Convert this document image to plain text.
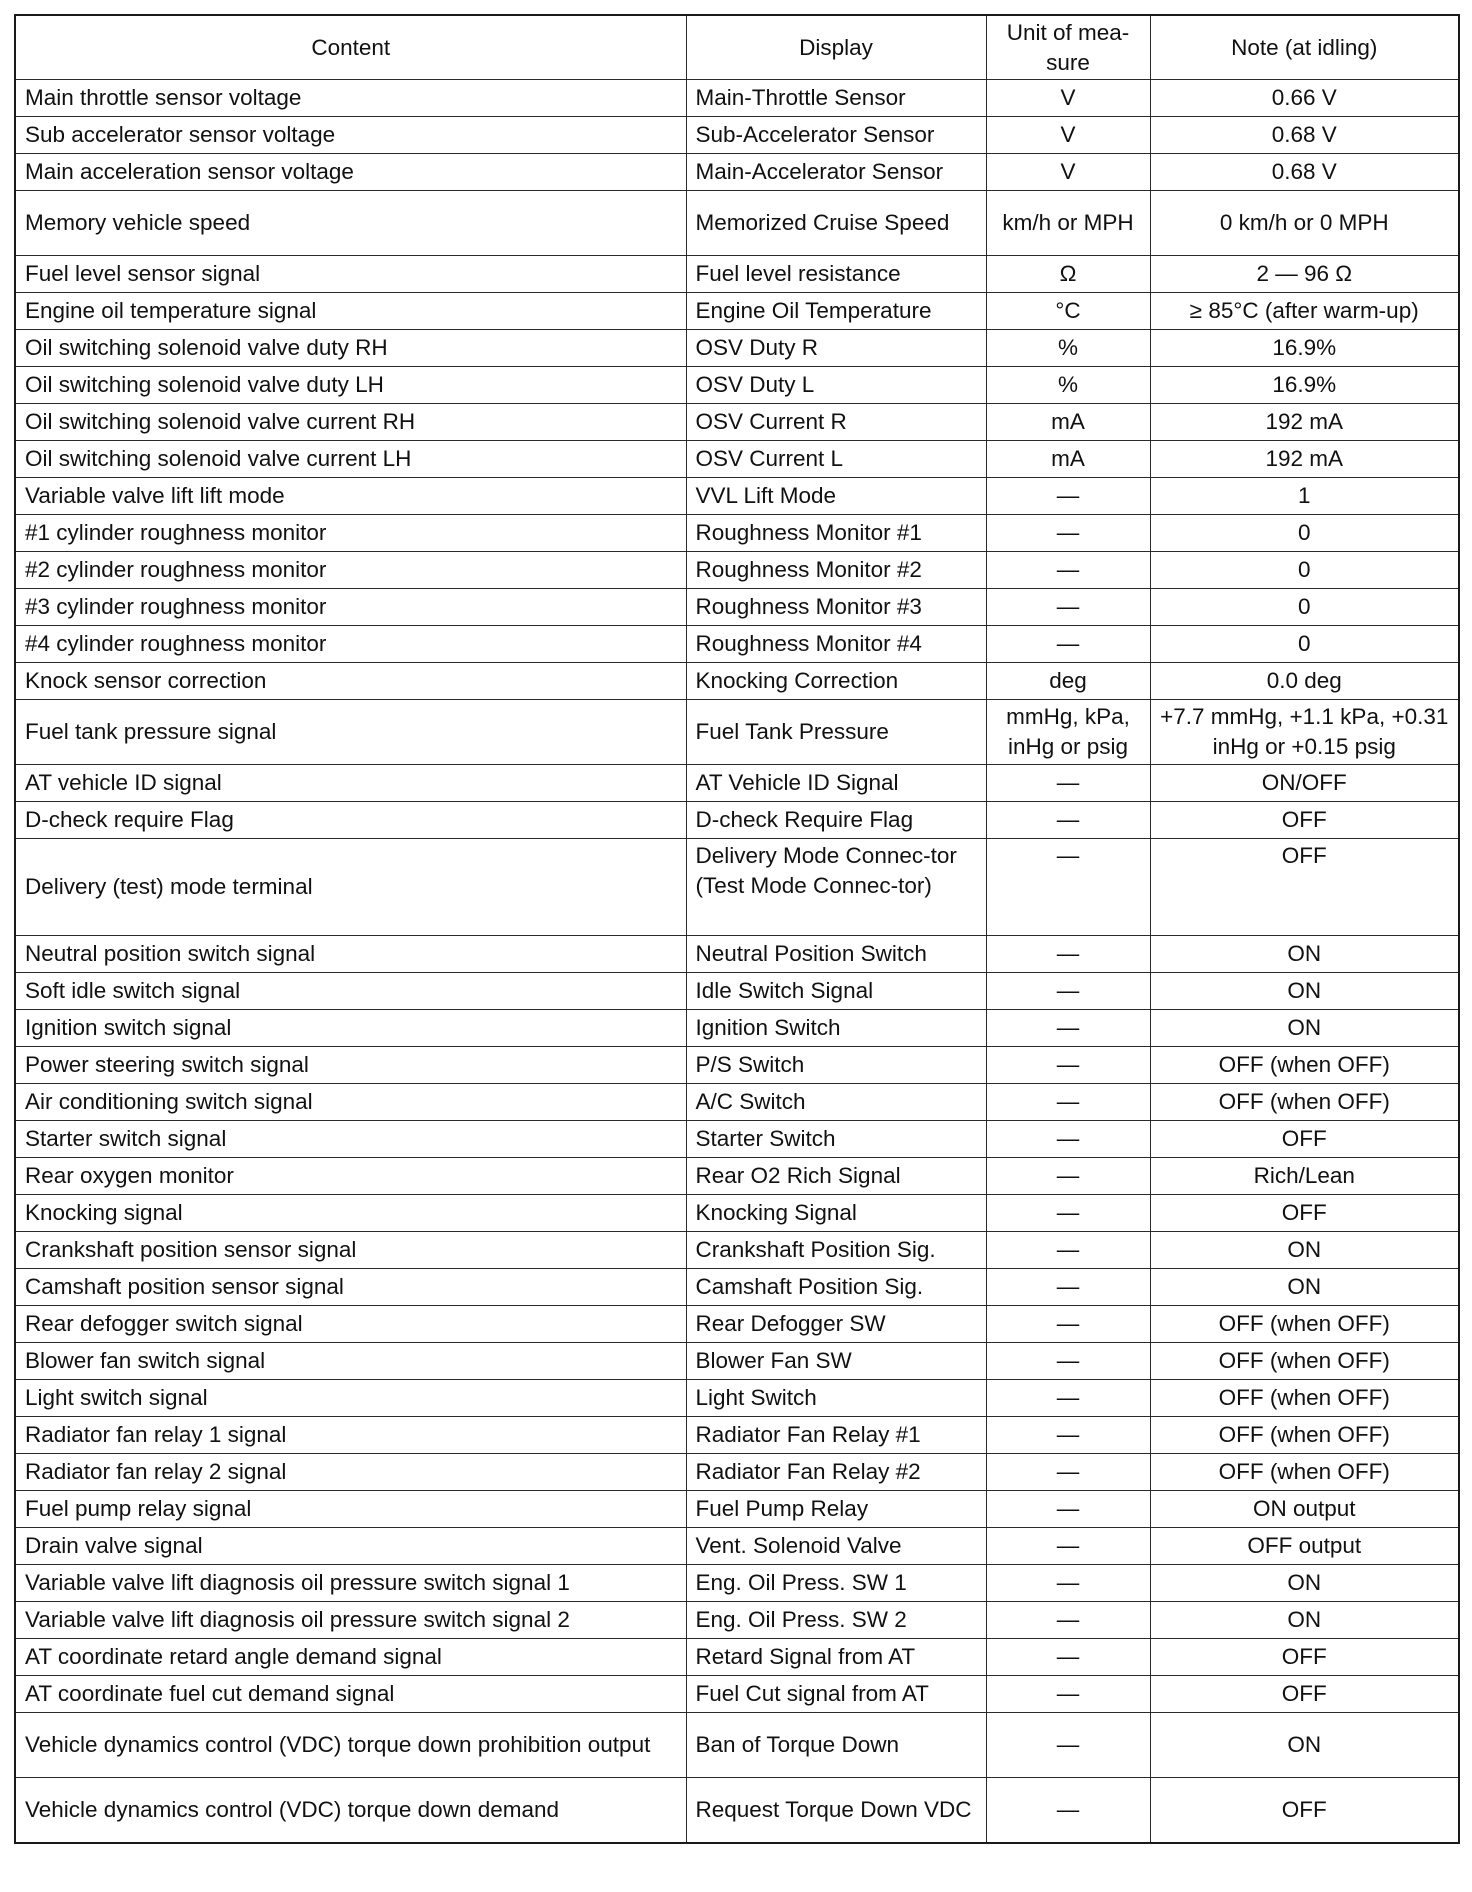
Content	Display	Unit of mea-sure	Note (at idling)
Main throttle sensor voltage	Main-Throttle Sensor	V	0.66 V
Sub accelerator sensor voltage	Sub-Accelerator Sensor	V	0.68 V
Main acceleration sensor voltage	Main-Accelerator Sensor	V	0.68 V
Memory vehicle speed	Memorized Cruise Speed	km/h or MPH	0 km/h or 0 MPH
Fuel level sensor signal	Fuel level resistance	Ω	2 — 96 Ω
Engine oil temperature signal	Engine Oil Temperature	°C	≥ 85°C (after warm-up)
Oil switching solenoid valve duty RH	OSV Duty R	%	16.9%
Oil switching solenoid valve duty LH	OSV Duty L	%	16.9%
Oil switching solenoid valve current RH	OSV Current R	mA	192 mA
Oil switching solenoid valve current LH	OSV Current L	mA	192 mA
Variable valve lift lift mode	VVL Lift Mode	—	1
#1 cylinder roughness monitor	Roughness Monitor #1	—	0
#2 cylinder roughness monitor	Roughness Monitor #2	—	0
#3 cylinder roughness monitor	Roughness Monitor #3	—	0
#4 cylinder roughness monitor	Roughness Monitor #4	—	0
Knock sensor correction	Knocking Correction	deg	0.0 deg
Fuel tank pressure signal	Fuel Tank Pressure	mmHg, kPa, inHg or psig	+7.7 mmHg, +1.1 kPa, +0.31 inHg or +0.15 psig
AT vehicle ID signal	AT Vehicle ID Signal	—	ON/OFF
D-check require Flag	D-check Require Flag	—	OFF
Delivery (test) mode terminal	Delivery Mode Connec-tor (Test Mode Connec-tor)	—	OFF
Neutral position switch signal	Neutral Position Switch	—	ON
Soft idle switch signal	Idle Switch Signal	—	ON
Ignition switch signal	Ignition Switch	—	ON
Power steering switch signal	P/S Switch	—	OFF (when OFF)
Air conditioning switch signal	A/C Switch	—	OFF (when OFF)
Starter switch signal	Starter Switch	—	OFF
Rear oxygen monitor	Rear O2 Rich Signal	—	Rich/Lean
Knocking signal	Knocking Signal	—	OFF
Crankshaft position sensor signal	Crankshaft Position Sig.	—	ON
Camshaft position sensor signal	Camshaft Position Sig.	—	ON
Rear defogger switch signal	Rear Defogger SW	—	OFF (when OFF)
Blower fan switch signal	Blower Fan SW	—	OFF (when OFF)
Light switch signal	Light Switch	—	OFF (when OFF)
Radiator fan relay 1 signal	Radiator Fan Relay #1	—	OFF (when OFF)
Radiator fan relay 2 signal	Radiator Fan Relay #2	—	OFF (when OFF)
Fuel pump relay signal	Fuel Pump Relay	—	ON output
Drain valve signal	Vent. Solenoid Valve	—	OFF output
Variable valve lift diagnosis oil pressure switch signal 1	Eng. Oil Press. SW 1	—	ON
Variable valve lift diagnosis oil pressure switch signal 2	Eng. Oil Press. SW 2	—	ON
AT coordinate retard angle demand signal	Retard Signal from AT	—	OFF
AT coordinate fuel cut demand signal	Fuel Cut signal from AT	—	OFF
Vehicle dynamics control (VDC) torque down prohibition output	Ban of Torque Down	—	ON
Vehicle dynamics control (VDC) torque down demand	Request Torque Down VDC	—	OFF
